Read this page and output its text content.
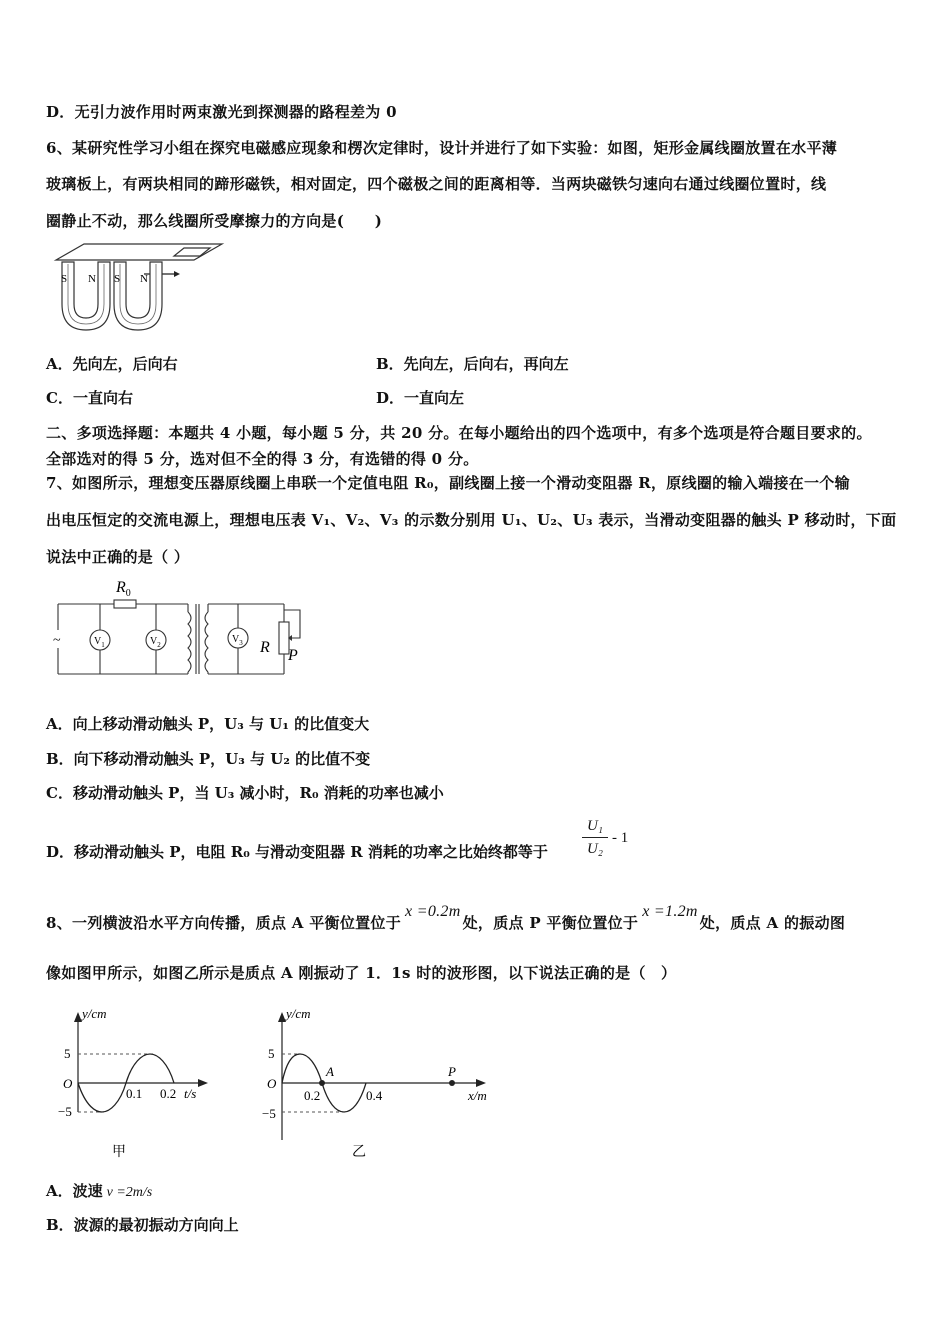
D．无引力波作用时两束激光到探测器的路程差为 0
6、某研究性学习小组在探究电磁感应现象和楞次定律时，设计并进行了如下实验：如图，矩形金属线圈放置在水平薄
玻璃板上，有两块相同的蹄形磁铁，相对固定，四个磁极之间的距离相等．当两块磁铁匀速向右通过线圈位置时，线
圈静止不动，那么线圈所受摩擦力的方向是(　　)
S N S N
A．先向左，后向右	B．先向左，后向右，再向左
C．一直向右	D．一直向左
二、多项选择题：本题共 4 小题，每小题 5 分，共 20 分。在每小题给出的四个选项中，有多个选项是符合题目要求的。
全部选对的得 5 分，选对但不全的得 3 分，有选错的得 0 分。
7、如图所示，理想变压器原线圈上串联一个定值电阻 R₀，副线圈上接一个滑动变阻器 R，原线圈的输入端接在一个输
出电压恒定的交流电源上，理想电压表 V₁、V₂、V₃ 的示数分别用 U₁、U₂、U₃ 表示，当滑动变阻器的触头 P 移动时，下面
说法中正确的是（ ）
~
$R_0$
$V_1$	$V_2$	$V_3$ R P
A．向上移动滑动触头 P，U₃ 与 U₁ 的比值变大
B．向下移动滑动触头 P，U₃ 与 U₂ 的比值不变
C．移动滑动触头 P，当 U₃ 减小时，R₀ 消耗的功率也减小
D．移动滑动触头 P，电阻 R₀ 与滑动变阻器 R 消耗的功率之比始终都等于
U₁
U₂
- 1
8、一列横波沿水平方向传播，质点 A 平衡位置位于x =0.2m处，质点 P 平衡位置位于x =1.2m处，质点 A 的振动图
像如图甲所示，如图乙所示是质点 A 刚振动了 1．1s 时的波形图，以下说法正确的是（　）
y/cm
5
O
−5
0.1 0.2 t/s
甲
y/cm
5
O
−5
A	P
0.2	0.4	x/m
乙
A．波速 v =2m/s
B．波源的最初振动方向向上
